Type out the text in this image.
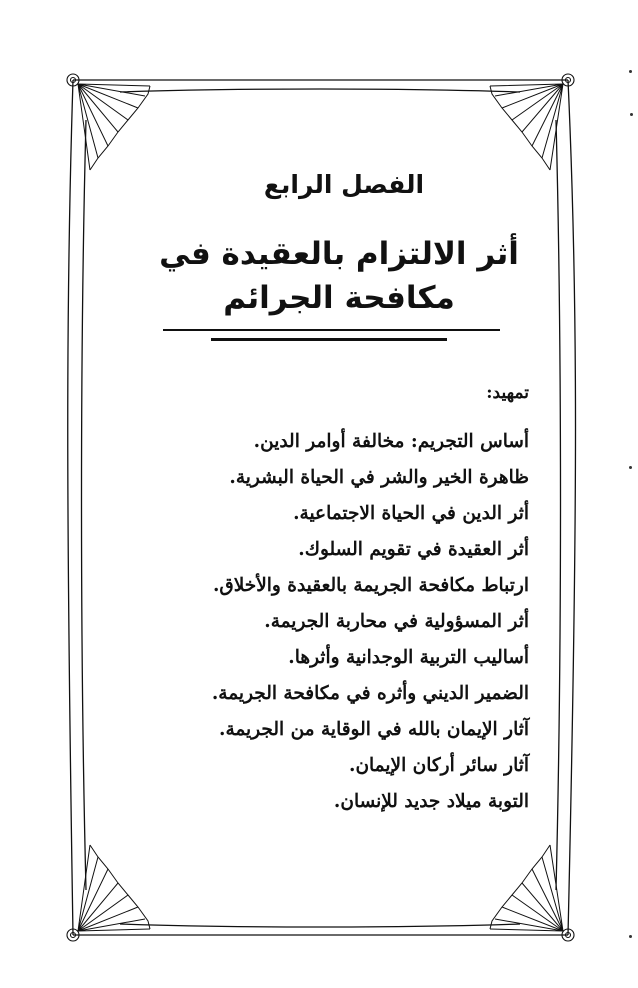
الفصل الرابع
أثر الالتزام بالعقيدة في
مكافحة الجرائم
تمهيد:
أساس التجريم: مخالفة أوامر الدين.
ظاهرة الخير والشر في الحياة البشرية.
أثر الدين في الحياة الاجتماعية.
أثر العقيدة في تقويم السلوك.
ارتباط مكافحة الجريمة بالعقيدة والأخلاق.
أثر المسؤولية في محاربة الجريمة.
أساليب التربية الوجدانية وأثرها.
الضمير الديني وأثره في مكافحة الجريمة.
آثار الإيمان بالله في الوقاية من الجريمة.
آثار سائر أركان الإيمان.
التوبة ميلاد جديد للإنسان.
